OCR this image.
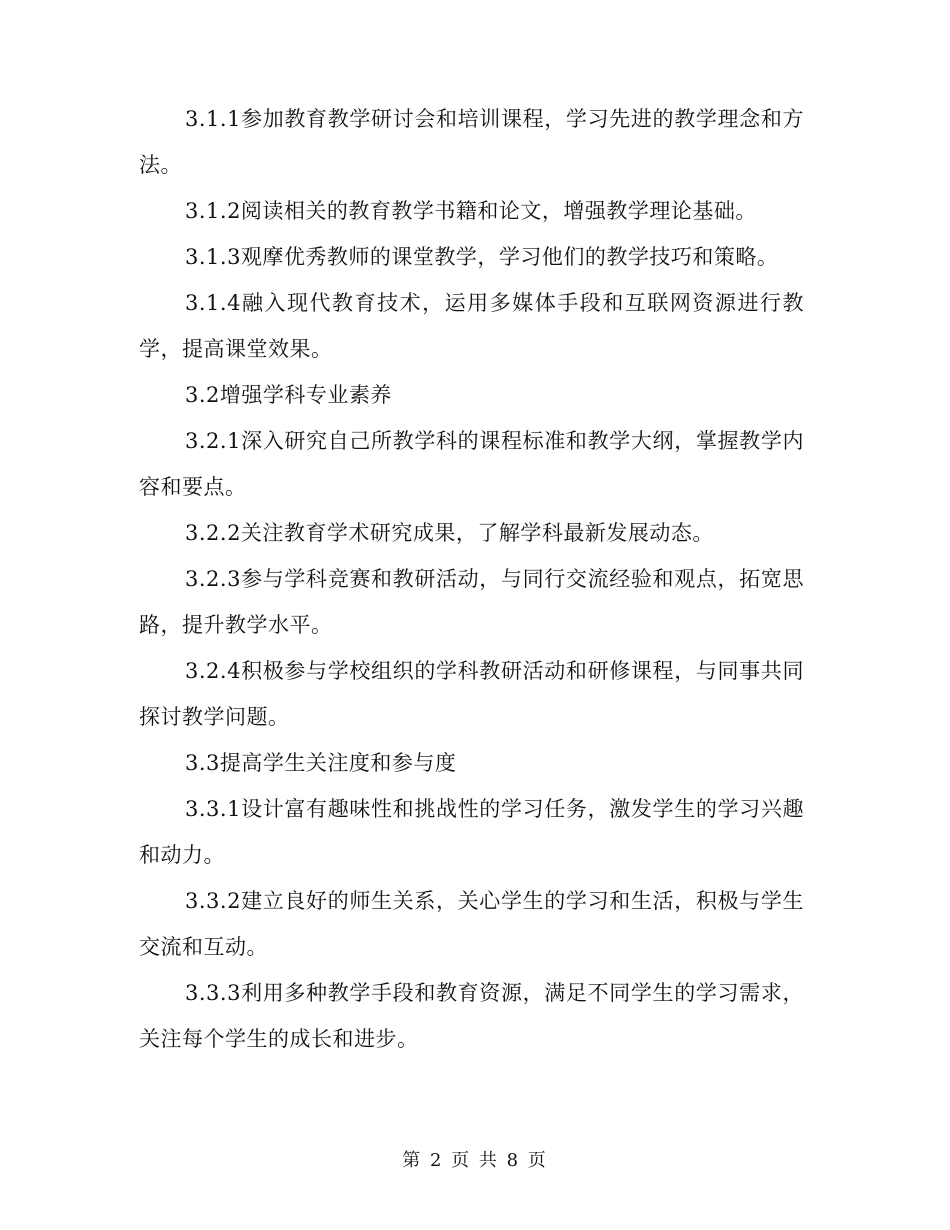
3.1.1参加教育教学研讨会和培训课程，学习先进的教学理念和方法。

3.1.2阅读相关的教育教学书籍和论文，增强教学理论基础。

3.1.3观摩优秀教师的课堂教学，学习他们的教学技巧和策略。

3.1.4融入现代教育技术，运用多媒体手段和互联网资源进行教学，提高课堂效果。

3.2增强学科专业素养

3.2.1深入研究自己所教学科的课程标准和教学大纲，掌握教学内容和要点。

3.2.2关注教育学术研究成果，了解学科最新发展动态。

3.2.3参与学科竞赛和教研活动，与同行交流经验和观点，拓宽思路，提升教学水平。

3.2.4积极参与学校组织的学科教研活动和研修课程，与同事共同探讨教学问题。

3.3提高学生关注度和参与度

3.3.1设计富有趣味性和挑战性的学习任务，激发学生的学习兴趣和动力。

3.3.2建立良好的师生关系，关心学生的学习和生活，积极与学生交流和互动。

3.3.3利用多种教学手段和教育资源，满足不同学生的学习需求，关注每个学生的成长和进步。

第 2 页 共 8 页
